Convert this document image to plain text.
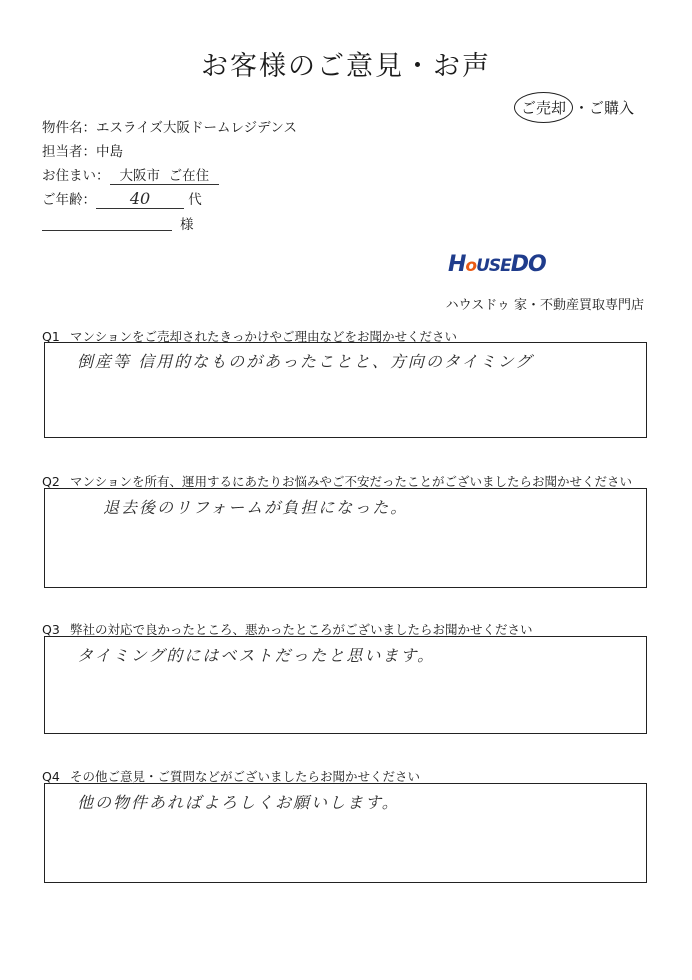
お客様のご意見・お声
ご売却 ・ご購入
物件名：エスライズ大阪ドームレジデンス
担当者：中島
お住まい： 大阪市 ご在住
ご年齢： 40	代
様
HoUSEDO
ハウスドゥ 家・不動産買取専門店
Q1 マンションをご売却されたきっかけやご理由などをお聞かせください
倒産等 信用的なものがあったことと、方向のタイミング
Q2 マンションを所有、運用するにあたりお悩みやご不安だったことがございましたらお聞かせください
退去後のリフォームが負担になった。
Q3 弊社の対応で良かったところ、悪かったところがございましたらお聞かせください
タイミング的にはベストだったと思います。
Q4 その他ご意見・ご質問などがございましたらお聞かせください
他の物件あればよろしくお願いします。
